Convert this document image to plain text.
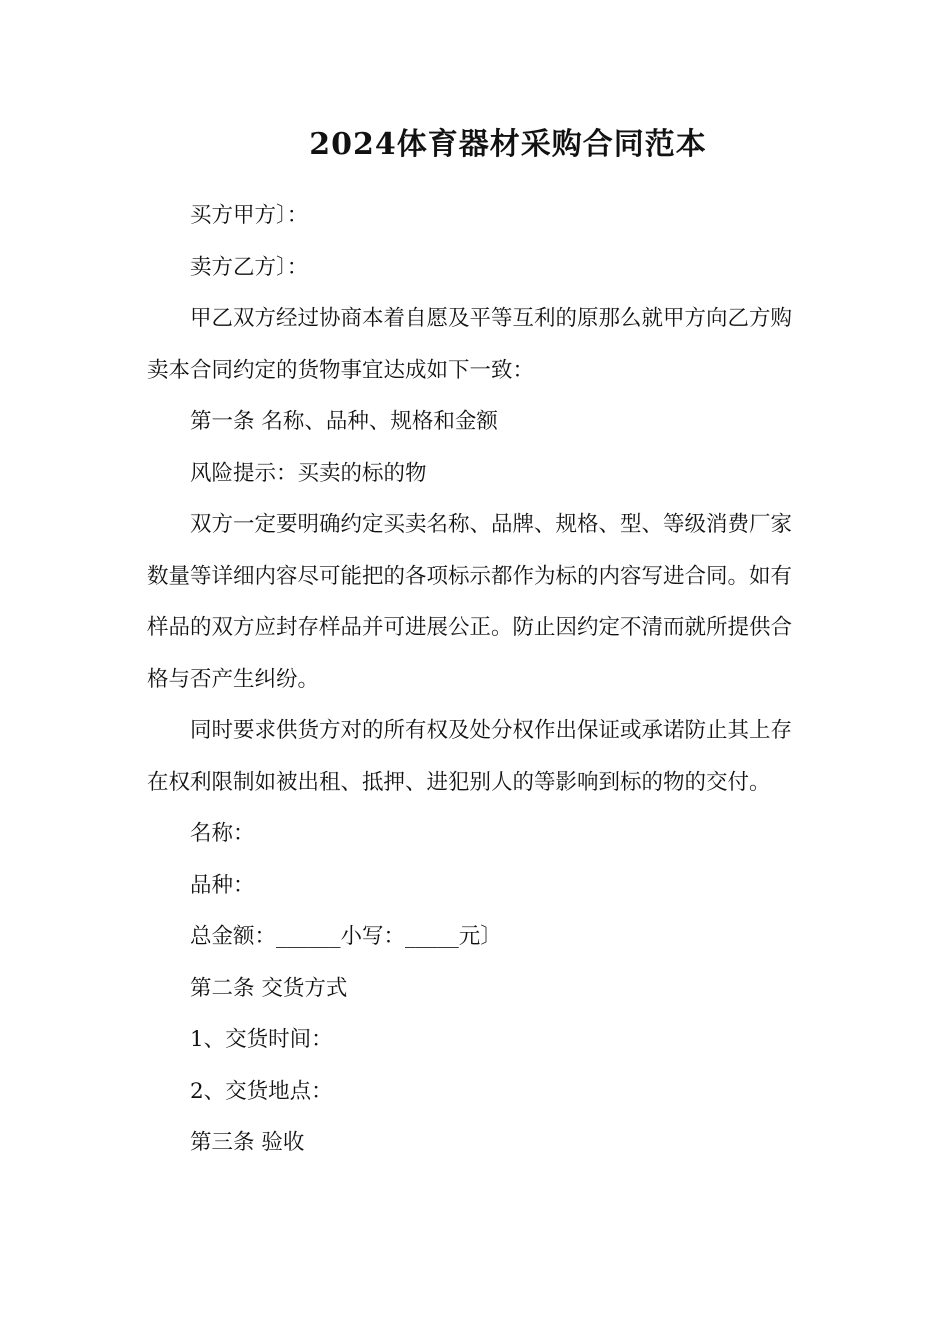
2024体育器材采购合同范本

买方甲方〕：

卖方乙方〕：

甲乙双方经过协商本着自愿及平等互利的原那么就甲方向乙方购卖本合同约定的货物事宜达成如下一致：

第一条 名称、品种、规格和金额

风险提示：买卖的标的物

双方一定要明确约定买卖名称、品牌、规格、型、等级消费厂家数量等详细内容尽可能把的各项标示都作为标的内容写进合同。如有样品的双方应封存样品并可进展公正。防止因约定不清而就所提供合格与否产生纠纷。

同时要求供货方对的所有权及处分权作出保证或承诺防止其上存在权利限制如被出租、抵押、进犯别人的等影响到标的物的交付。

名称：

品种：

总金额：______小写：_____元〕

第二条 交货方式

1、交货时间：

2、交货地点：

第三条 验收
